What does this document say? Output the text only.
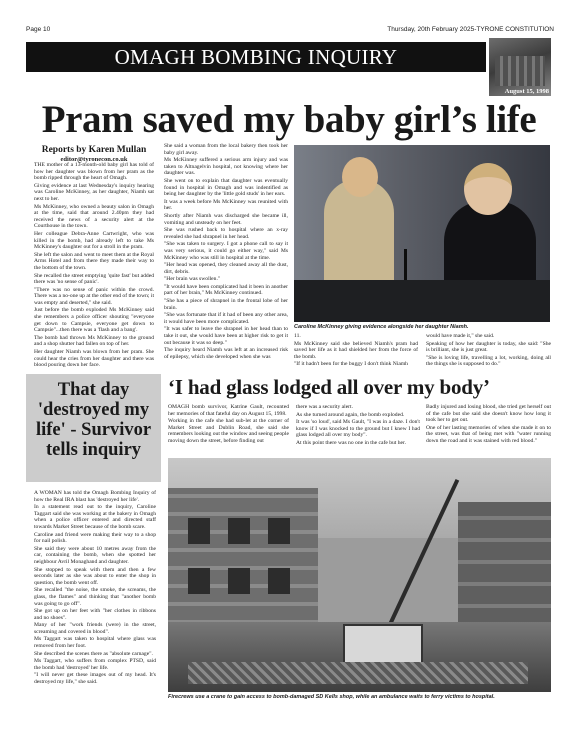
Page 10	Thursday, 20th February 2025-TYRONE CONSTITUTION
OMAGH BOMBING INQUIRY
August 15, 1998
Pram saved my baby girl’s life
Reports by Karen Mullan
editor@tyronecon.co.uk

THE mother of a 13-month-old baby girl has told of how her daughter was blown from her pram as the bomb ripped through the heart of Omagh.

Giving evidence at last Wednesday's inquiry hearing was Caroline McKinney, as her daughter, Niamh sat next to her.

Ms McKinney, who owned a beauty salon in Omagh at the time, said that around 2.40pm they had received the news of a security alert at the Courthouse in the town.

Her colleague Debra-Anne Cartwright, who was killed in the bomb, had already left to take Ms McKinney's daughter out for a stroll in the pram.

She left the salon and went to meet them at the Royal Arms Hotel and from there they made their way to the bottom of the town.

She recalled the street emptying 'quite fast' but added there was 'no sense of panic'.

"There was no sense of panic within the crowd. There was a no-one up at the other end of the town; it was empty and deserted," she said.

Just before the bomb exploded Ms McKinney said she remembers a police officer shouting "everyone get down to Campsie, everyone get down to Campsie"...then there was a 'flash and a bang'.

The bomb had thrown Ms McKinney to the ground and a shop shutter had fallen on top of her.

Her daughter Niamh was blown from her pram. She could hear the cries from her daughter and there was blood pouring down her face.

She said a woman from the local bakery then took her baby girl away.

Ms McKinney suffered a serious arm injury and was taken to Altnagelvin hospital, not knowing where her daughter was.

She went on to explain that daughter was eventually found in hospital in Omagh and was indentified as being her daughter by the 'little gold studs' in her ears.

It was a week before Ms McKinney was reunited with her.

Shortly after Niamh was discharged she became ill, vomiting and unsteady on her feet.

She was rushed back to hospital where an x-ray revealed she had shrapnel in her head.

"She was taken to surgery. I got a phone call to say it was very serious, it could go either way," said Ms McKinney who was still in hospital at the time.

"Her head was opened, they cleaned away all the dust, dirt, debris.

"Her brain was swollen."

"It would have been complicated had it been in another part of her brain," Ms McKinney continued.

"She has a piece of shrapnel in the frontal lobe of her brain.

"She was fortunate that if it had of been any other area, it would have been more complicated.

"It was safer to leave the shrapnel in her head than to take it out, she would have been at higher risk to get it out because it was so deep."

The inquiry heard Niamh was left at an increased risk of epilepsy, which she developed when she was

Caroline McKinney giving evidence alongside her daughter Niamh.

11.

Ms McKinney said she believed Niamh's pram had saved her life as it had shielded her from the force of the bomb.

"If it hadn't been for the buggy I don't think Niamh

would have made it," she said.

Speaking of how her daughter is today, she said: "She is brilliant, she is just great.

"She is loving life, travelling a lot, working, doing all the things she is supposed to do."

That day 'destroyed my life' - Survivor tells inquiry

A WOMAN has told the Omagh Bombing Inquiry of how the Real IRA blast has 'destroyed her life'.

In a statement read out to the inquiry, Caroline Taggart said she was working at the bakery in Omagh when a police officer entered and directed staff towards Market Street because of the bomb scare.

Caroline and friend were making their way to a shop for nail polish.

She said they were about 10 metres away from the car, containing the bomb, when she spotted her neighbour Avril Monaghand and daughter.

She stopped to speak with them and then a few seconds later as she was about to enter the shop in question, the bomb went off.

She recalled "the noise, the smoke, the screams, the glass, the flames" and thinking that "another bomb was going to go off".

She got up on her feet with "her clothes in ribbons and no shoes".

Many of her "work friends (were) in the street, screaming and covered in blood".

Ms Taggart was taken to hospital where glass was removed from her foot.

She described the scenes there as "absolute carnage".

Ms Taggart, who suffers from complex PTSD, said the bomb had 'destroyed' her life.

"I will never get these images out of my head. It's destroyed my life," she said.

‘I had glass lodged all over my body’

OMAGH bomb survivor, Katrine Gault, recounted her memories of that fateful day on August 15, 1998.

Working in the cafe she had sub-let at the corner of Market Street and Dublin Road, she said she remembers looking out the window and seeing people moving down the street, before finding out

there was a security alert.

As she turned around again, the bomb exploded.

It was 'so loud', said Ms Gault, "I was in a daze. I don't know if I was knocked to the ground but I knew I had glass lodged all over my body".

At this point there was no one in the cafe but her.

Badly injured and losing blood, she tried get herself out of the cafe but she said she doesn't know how long it took her to get out.

One of her lasting memories of when she made it on to the street, was that of being met with "water running down the road and it was stained with red blood."

Firecrews use a crane to gain access to bomb-damaged SD Kells shop, while an ambulance waits to ferry victims to hospital.
